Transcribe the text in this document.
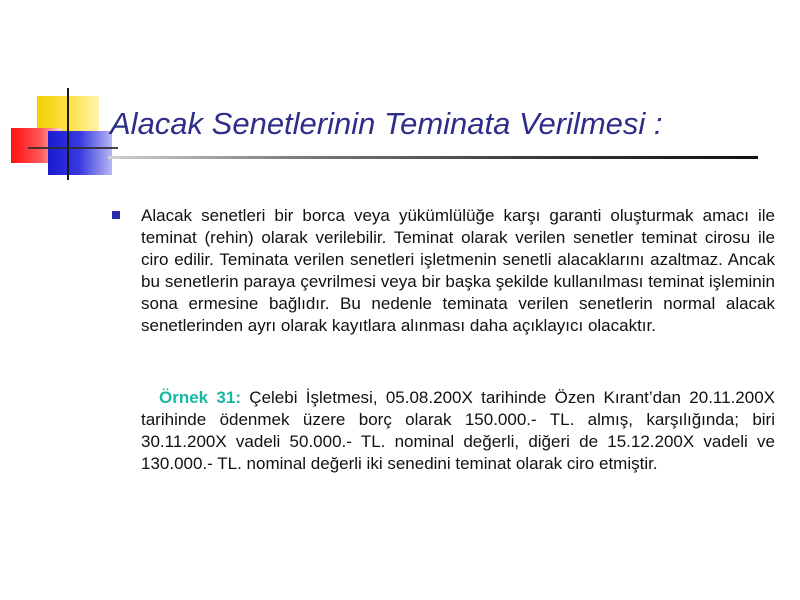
Alacak Senetlerinin Teminata Verilmesi :

Alacak senetleri bir borca veya yükümlülüğe karşı garanti oluşturmak amacı ile teminat (rehin) olarak verilebilir. Teminat olarak verilen senetler teminat cirosu ile ciro edilir. Teminata verilen senetleri işletmenin senetli alacaklarını azaltmaz. Ancak bu senetlerin paraya çevrilmesi veya bir başka şekilde kullanılması teminat işleminin sona ermesine bağlıdır. Bu nedenle teminata verilen senetlerin normal alacak senetlerinden ayrı olarak kayıtlara alınması daha açıklayıcı olacaktır.

Örnek 31: Çelebi İşletmesi, 05.08.200X tarihinde Özen Kırant’dan 20.11.200X tarihinde ödenmek üzere borç olarak 150.000.- TL. almış, karşılığında; biri 30.11.200X vadeli 50.000.- TL. nominal değerli, diğeri de 15.12.200X vadeli ve 130.000.- TL. nominal değerli iki senedini teminat olarak ciro etmiştir.
